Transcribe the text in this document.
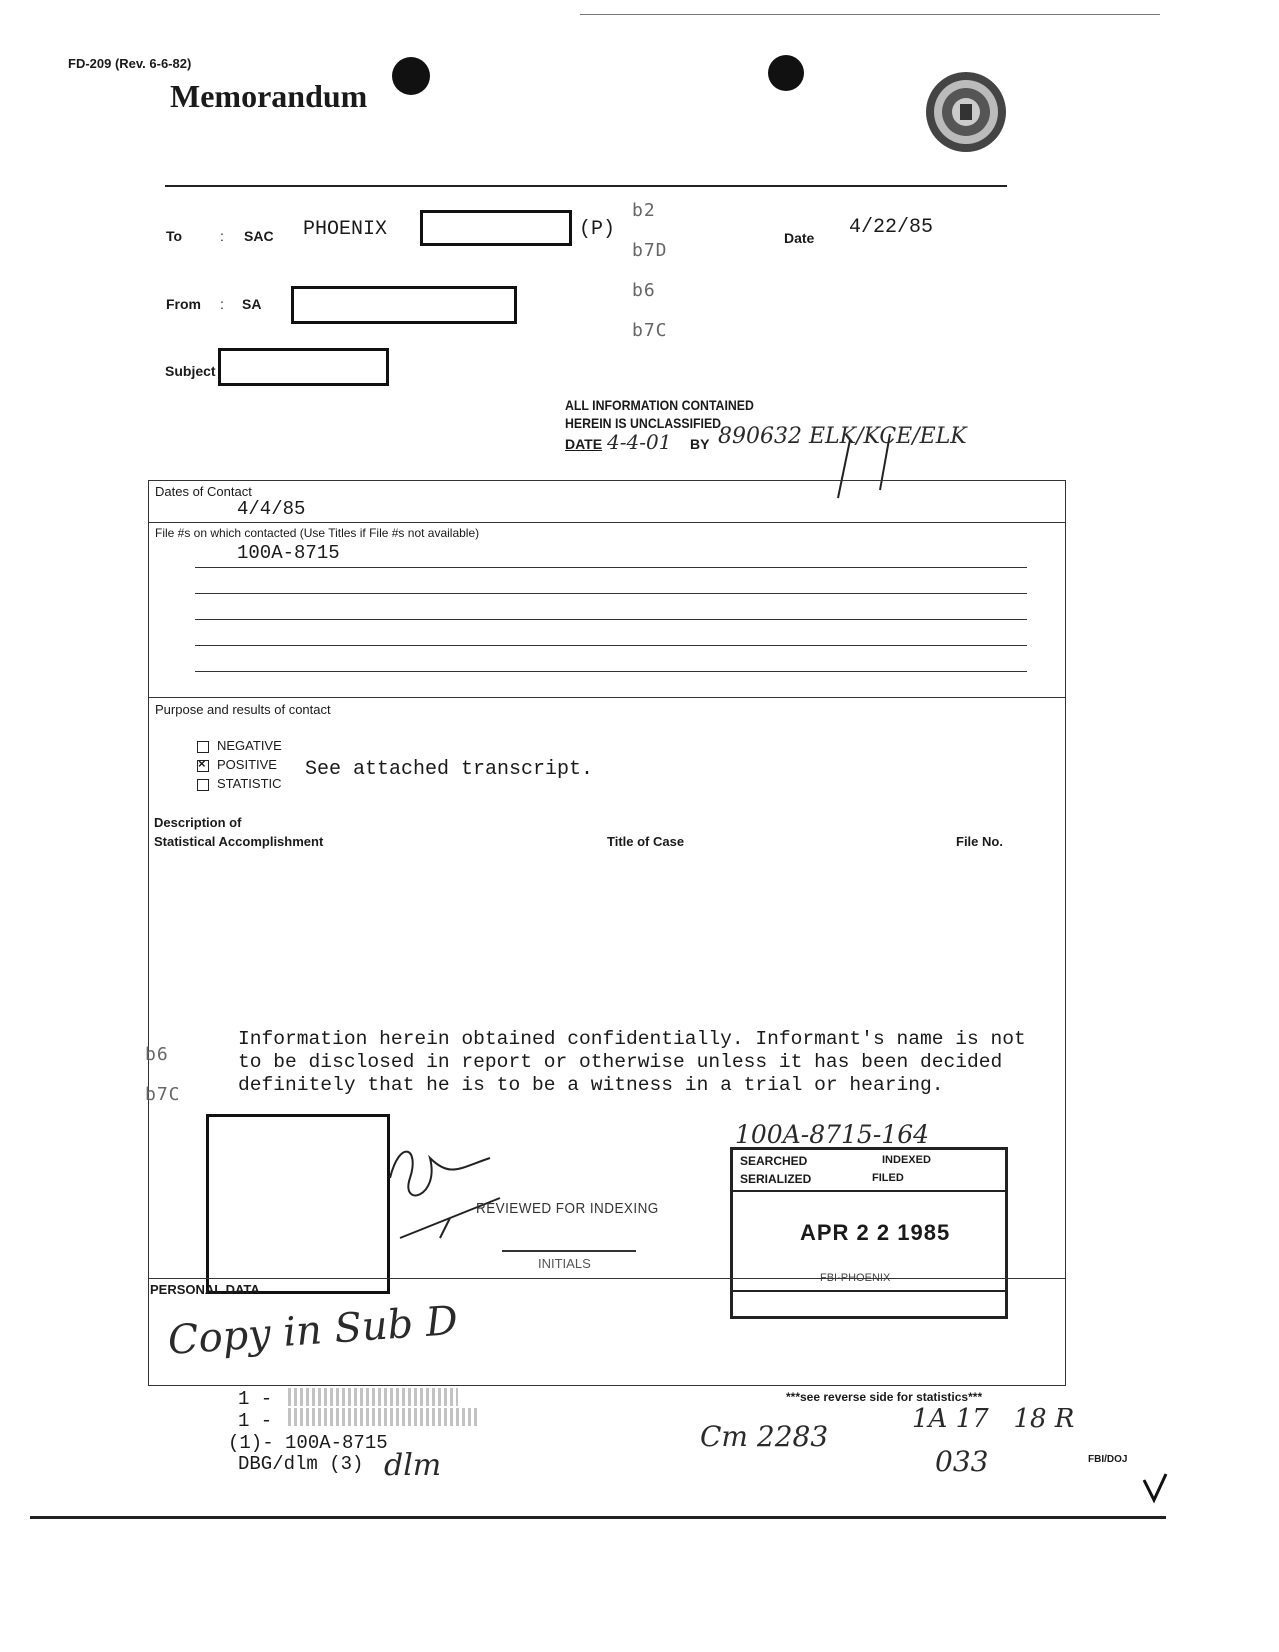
FD-209 (Rev. 6-6-82)
Memorandum
To	: SAC PHOENIX	(P)	Date 4/22/85
From : SA
Subject
b2
b7D
b6
b7C
ALL INFORMATION CONTAINED
HEREIN IS UNCLASSIFIED
DATE 4-4-01 BY 890632 ELK/KCE/ELK
Dates of Contact
4/4/85
File #s on which contacted (Use Titles if File #s not available)
100A-8715
Purpose and results of contact
NEGATIVE
×POSITIVE
STATISTIC
See attached transcript.
Description of
Statistical Accomplishment	Title of Case	File No.
b6
b7C
Information herein obtained confidentially. Informant's name is not to be disclosed in report or otherwise unless it has been decided definitely that he is to be a witness in a trial or hearing.
REVIEWED FOR INDEXING
INITIALS
100A-8715-164
SEARCHED	INDEXED
SERIALIZED	FILED
APR 2 2 1985
FBI-PHOENIX
PERSONAL DATA
Copy in Sub D
***see reverse side for statistics***
1 -
1 -
(1)- 100A-8715
DBG/dlm (3) dlm
Cm 2283
1A 17   18 R
033	FBI/DOJ
